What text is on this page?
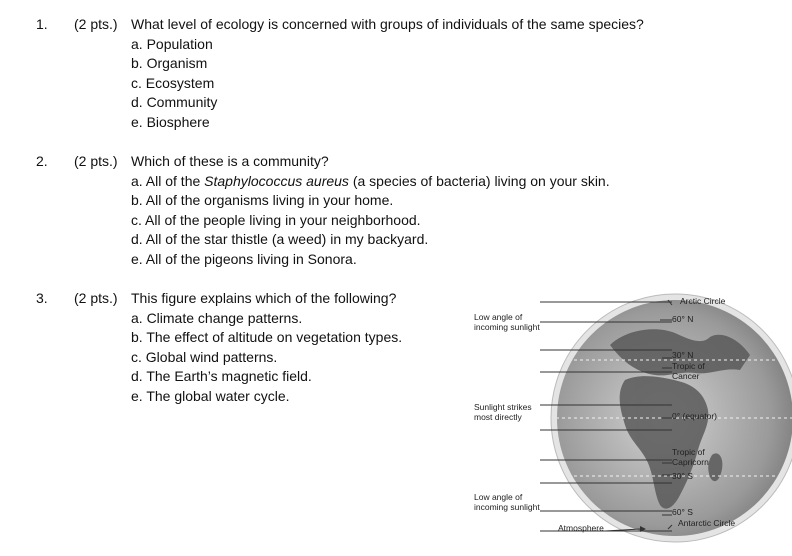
1. (2 pts.) What level of ecology is concerned with groups of individuals of the same species?
a. Population
b. Organism
c. Ecosystem
d. Community
e. Biosphere
2. (2 pts.) Which of these is a community?
a. All of the Staphylococcus aureus (a species of bacteria) living on your skin.
b. All of the organisms living in your home.
c. All of the people living in your neighborhood.
d. All of the star thistle (a weed) in my backyard.
e. All of the pigeons living in Sonora.
3. (2 pts.) This figure explains which of the following?
a. Climate change patterns.
b. The effect of altitude on vegetation types.
c. Global wind patterns.
d. The Earth’s magnetic field.
e. The global water cycle.
Low angle of
incoming sunlight
Sunlight strikes
most directly
Low angle of
incoming sunlight
Atmosphere
Arctic Circle
60° N
30° N
Tropic of
Cancer
0° (equator)
Tropic of
Capricorn
30° S
60° S
Antarctic Circle
